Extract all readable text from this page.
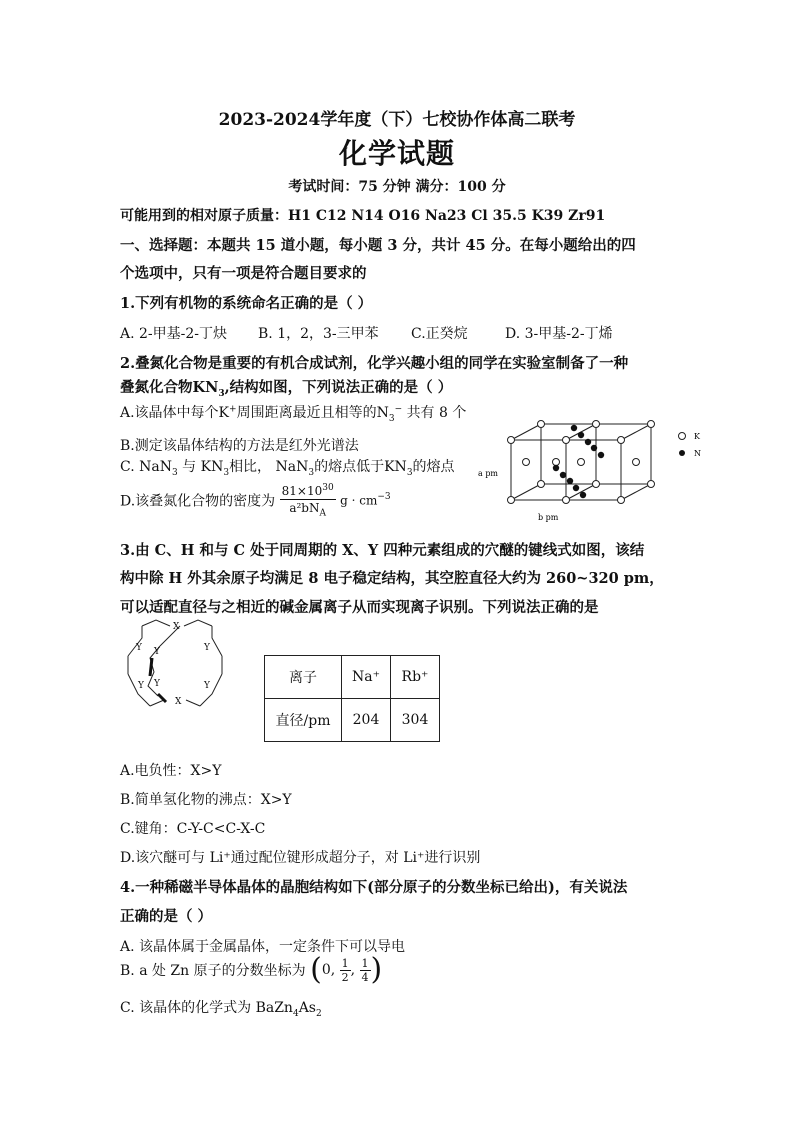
2023-2024学年度（下）七校协作体高二联考
化学试题
考试时间：75 分钟 满分：100 分
可能用到的相对原子质量：H1 C12 N14 O16 Na23 Cl 35.5 K39 Zr91
一、选择题：本题共 15 道小题，每小题 3 分，共计 45 分。在每小题给出的四
个选项中，只有一项是符合题目要求的
1.下列有机物的系统命名正确的是（ ）
A. 2-甲基-2-丁炔 B. 1，2，3-三甲苯 C.正癸烷	D. 3-甲基-2-丁烯
2.叠氮化合物是重要的有机合成试剂，化学兴趣小组的同学在实验室制备了一种
叠氮化合物$KN_3$,结构如图，下列说法正确的是（ ）
A.该晶体中每个K+周围距离最近且相等的$N_3^-$ 共有 8 个
B.测定该晶体结构的方法是红外光谱法
C. NaN$_3$ 与 $KN_3$相比， NaN$_3$的熔点低于$KN_3$的熔点
D.该叠氮化合物的密度为 $\frac{81\times 10^{30}}{a^2bN_A}$ $g \cdot cm^{-3}$
a pm
b pm
K
N
3.由 C、H 和与 C 处于同周期的 X、Y 四种元素组成的穴醚的键线式如图，该结
构中除 H 外其余原子均满足 8 电子稳定结构，其空腔直径大约为 260~320 pm，
可以适配直径与之相近的碱金属离子从而实现离子识别。下列说法正确的是
X
X
Y	Y
Y
Y	Y
Y	离子	Na⁺	Rb⁺
直径/pm	204	304
A.电负性：X>Y
B.简单氢化物的沸点：X>Y
C.键角：C-Y-C<C-X-C
D.该穴醚可与 Li⁺通过配位键形成超分子，对 Li⁺进行识别
4.一种稀磁半导体晶体的晶胞结构如下(部分原子的分数坐标已给出)，有关说法
正确的是（ ）
A. 该晶体属于金属晶体，一定条件下可以导电
B. a 处 Zn 原子的分数坐标为 (0, $\frac{1}{2}$ , $\frac{1}{4}$ )
C. 该晶体的化学式为 $BaZn_4As_2$
